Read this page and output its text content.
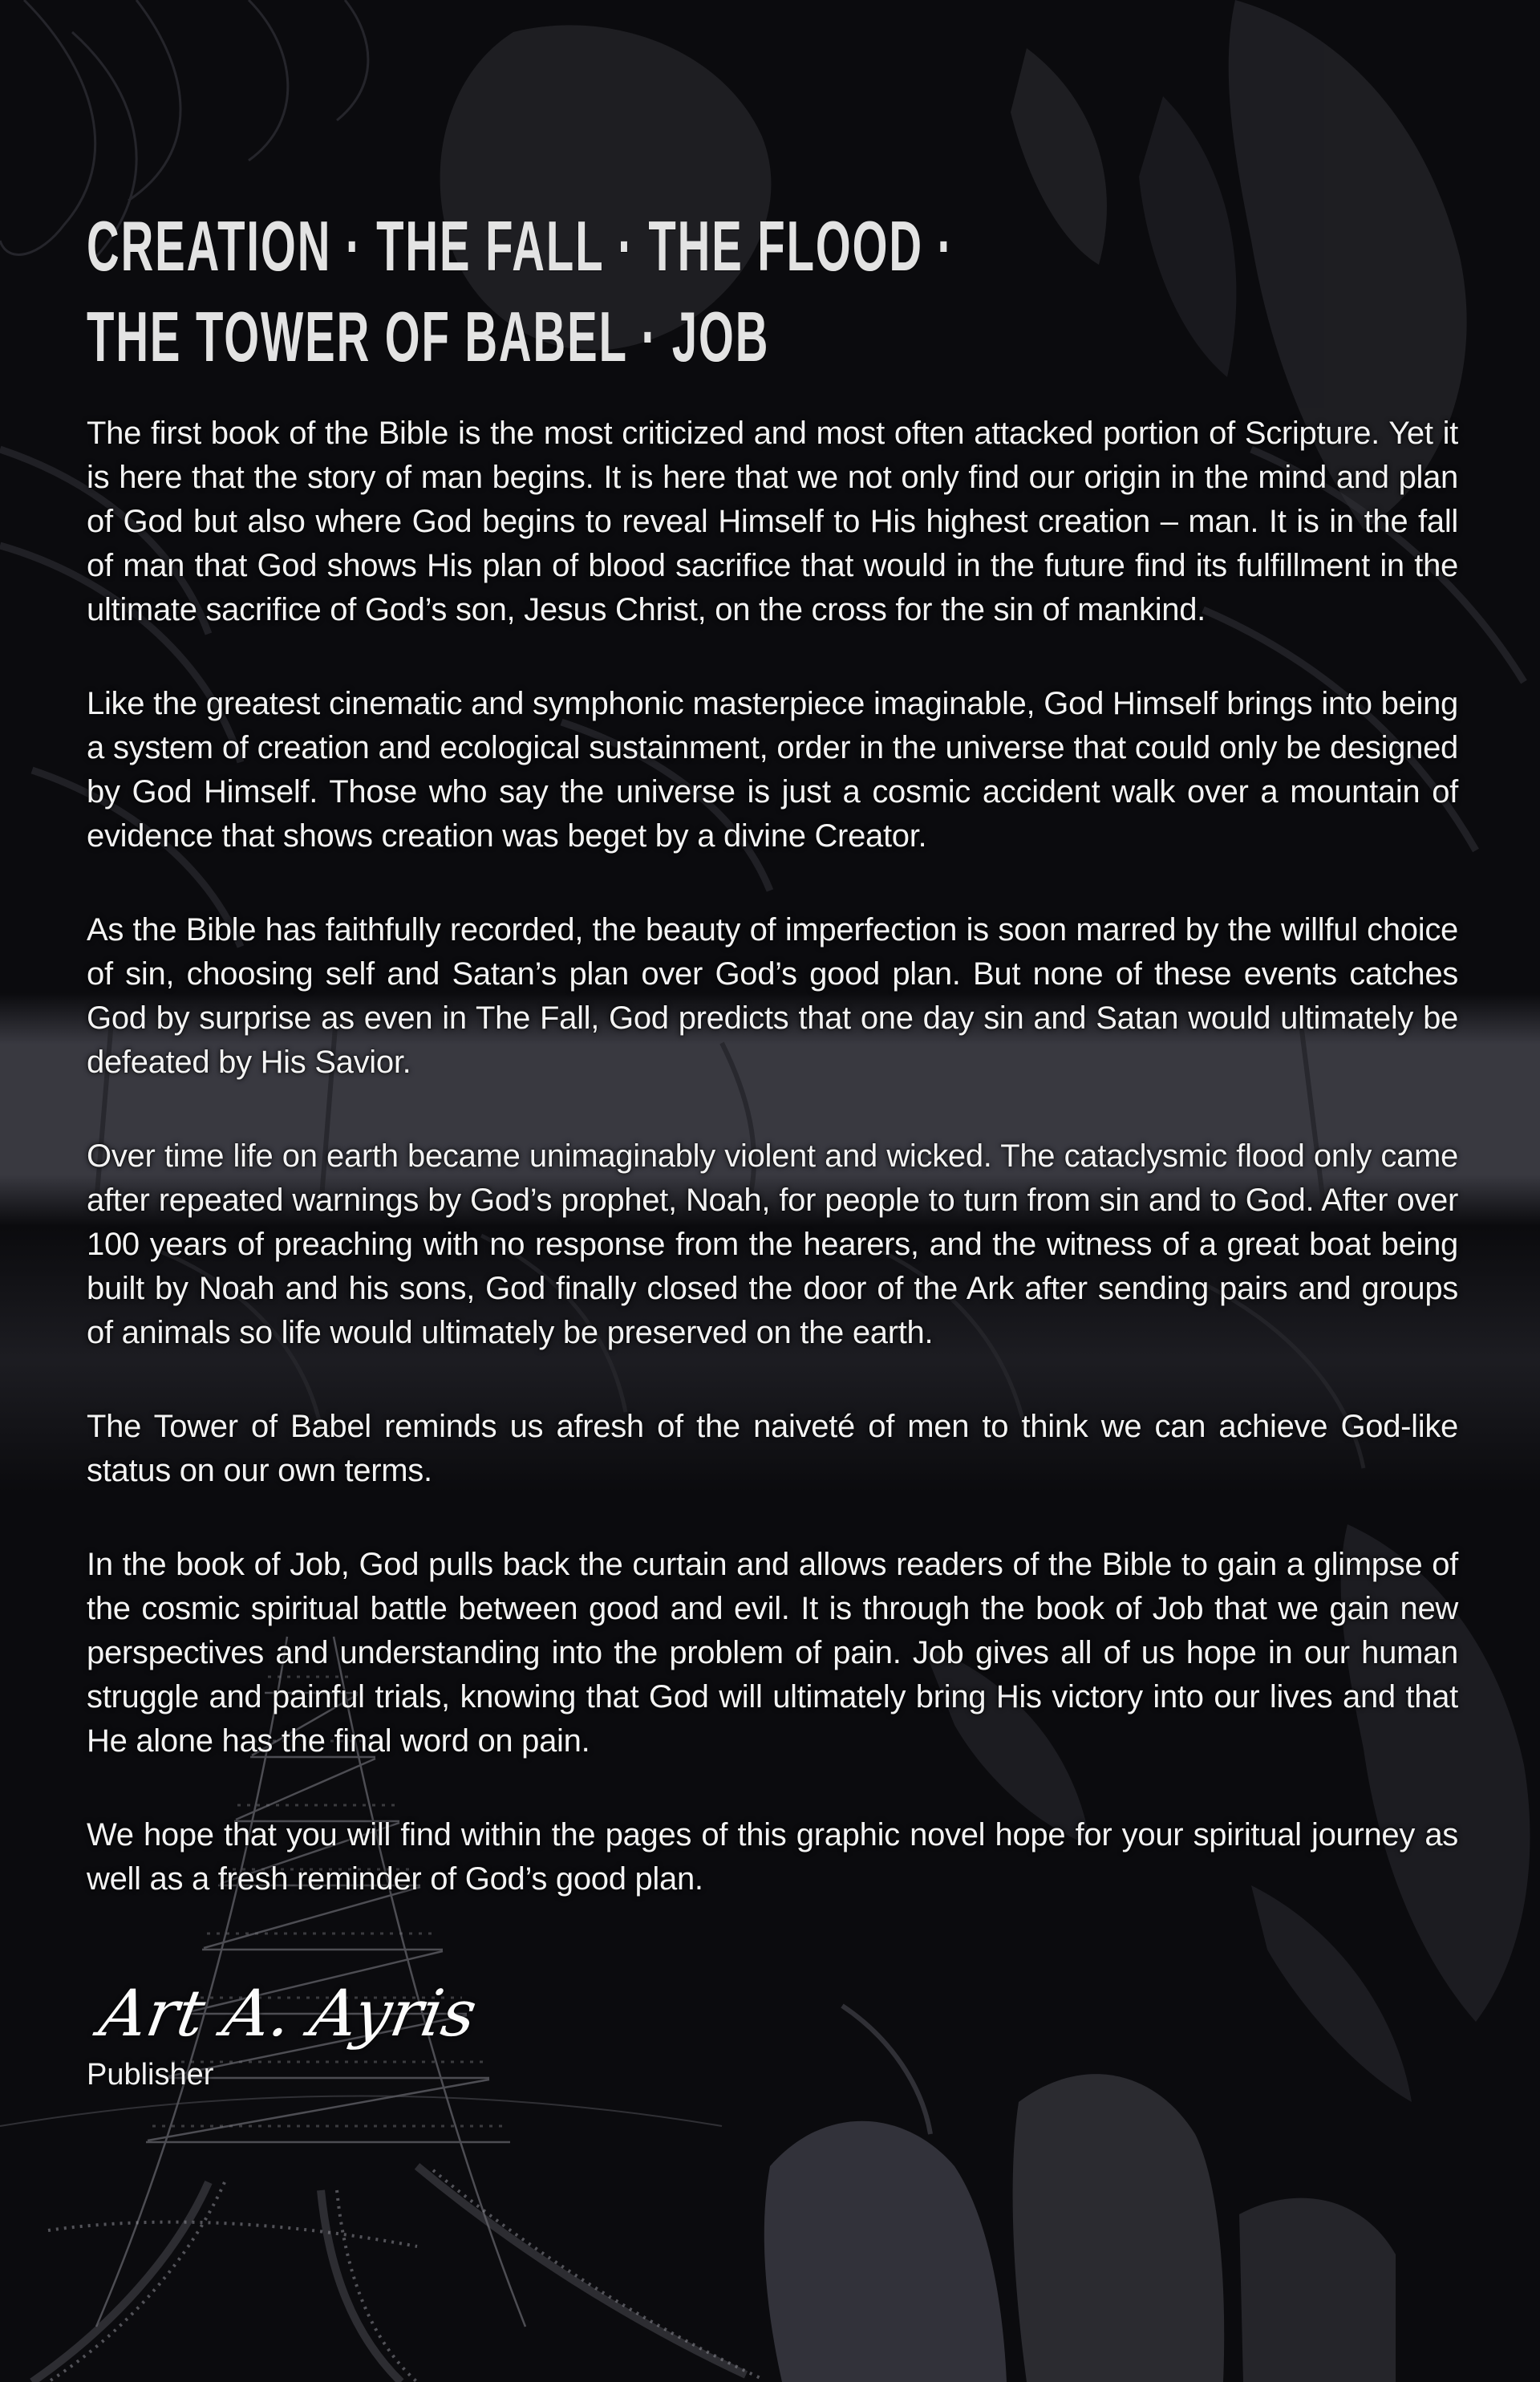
CREATION · THE FALL · THE FLOOD ·
THE TOWER OF BABEL · JOB

The first book of the Bible is the most criticized and most often attacked portion of Scripture. Yet it is here that the story of man begins. It is here that we not only find our origin in the mind and plan of God but also where God begins to reveal Himself to His highest creation – man. It is in the fall of man that God shows His plan of blood sacrifice that would in the future find its fulfillment in the ultimate sacrifice of God’s son, Jesus Christ, on the cross for the sin of mankind.

Like the greatest cinematic and symphonic masterpiece imaginable, God Himself brings into being a system of creation and ecological sustainment, order in the universe that could only be designed by God Himself. Those who say the universe is just a cosmic accident walk over a mountain of evidence that shows creation was beget by a divine Creator.

As the Bible has faithfully recorded, the beauty of imperfection is soon marred by the willful choice of sin, choosing self and Satan’s plan over God’s good plan. But none of these events catches God by surprise as even in The Fall, God predicts that one day sin and Satan would ultimately be defeated by His Savior.

Over time life on earth became unimaginably violent and wicked. The cataclysmic flood only came after repeated warnings by God’s prophet, Noah, for people to turn from sin and to God. After over 100 years of preaching with no response from the hearers, and the witness of a great boat being built by Noah and his sons, God finally closed the door of the Ark after sending pairs and groups of animals so life would ultimately be preserved on the earth.

The Tower of Babel reminds us afresh of the naiveté of men to think we can achieve God-like status on our own terms.

In the book of Job, God pulls back the curtain and allows readers of the Bible to gain a glimpse of the cosmic spiritual battle between good and evil. It is through the book of Job that we gain new perspectives and understanding into the problem of pain. Job gives all of us hope in our human struggle and painful trials, knowing that God will ultimately bring His victory into our lives and that He alone has the final word on pain.

We hope that you will find within the pages of this graphic novel hope for your spiritual journey as well as a fresh reminder of God’s good plan.

Art A. Ayris
Publisher
